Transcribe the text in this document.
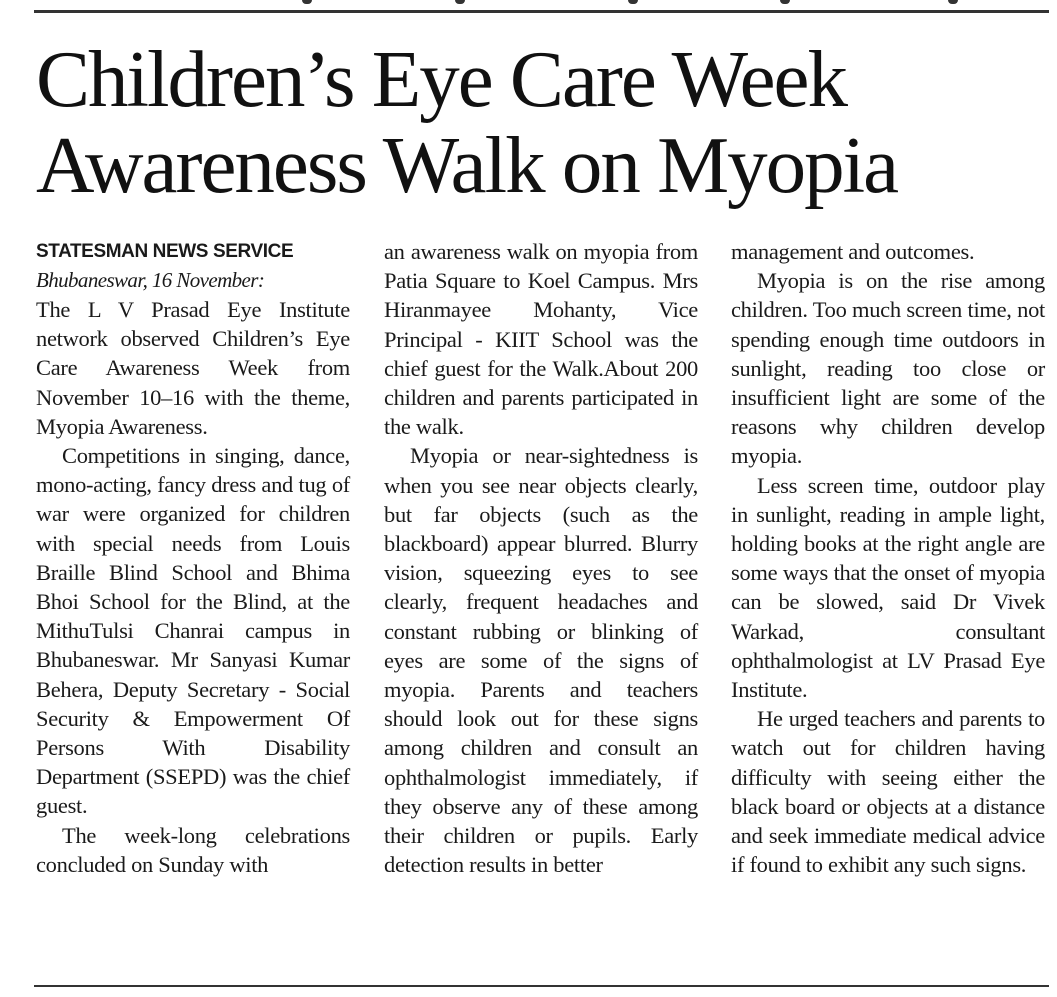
Children’s Eye Care Week
Awareness Walk on Myopia

STATESMAN NEWS SERVICE

Bhubaneswar, 16 November:

The L V Prasad Eye Institute network observed Children’s Eye Care Awareness Week from November 10–16 with the theme, Myopia Awareness.

Competitions in singing, dance, mono-acting, fancy dress and tug of war were organized for children with special needs from Louis Braille Blind School and Bhima Bhoi School for the Blind, at the MithuTulsi Chanrai campus in Bhubaneswar. Mr Sanyasi Kumar Behera, Deputy Secretary - Social Security & Empowerment Of Persons With Disability Department (SSEPD) was the chief guest.

The week-long celebrations concluded on Sunday with

an awareness walk on myopia from Patia Square to Koel Campus. Mrs Hiranmayee Mohanty, Vice Principal - KIIT School was the chief guest for the Walk.About 200 children and parents participated in the walk.

Myopia or near-sightedness is when you see near objects clearly, but far objects (such as the blackboard) appear blurred. Blurry vision, squeezing eyes to see clearly, frequent headaches and constant rubbing or blinking of eyes are some of the signs of myopia. Parents and teachers should look out for these signs among children and consult an ophthalmologist immediately, if they observe any of these among their children or pupils. Early detection results in better

management and outcomes.

Myopia is on the rise among children. Too much screen time, not spending enough time outdoors in sunlight, reading too close or insufficient light are some of the reasons why children develop myopia.

Less screen time, outdoor play in sunlight, reading in ample light, holding books at the right angle are some ways that the onset of myopia can be slowed, said Dr Vivek Warkad, consultant ophthalmologist at LV Prasad Eye Institute.

He urged teachers and parents to watch out for children having difficulty with seeing either the black board or objects at a distance and seek immediate medical advice if found to exhibit any such signs.
